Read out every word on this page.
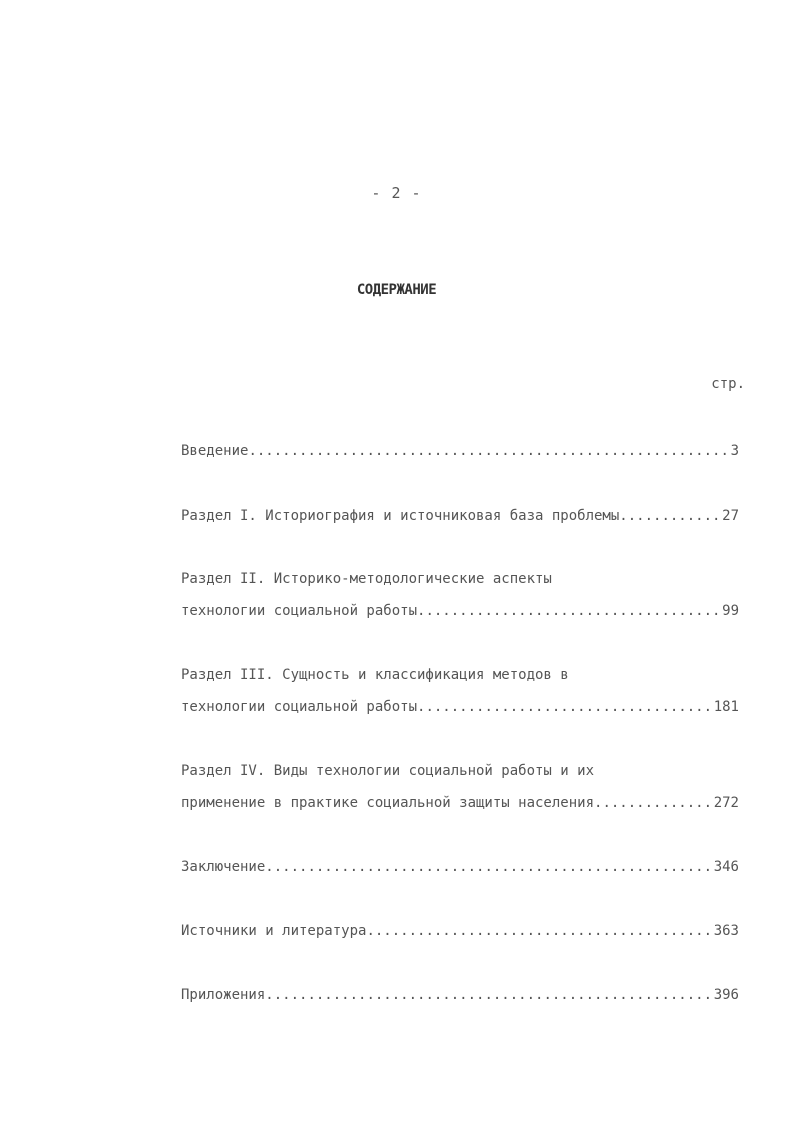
- 2 -
СОДЕРЖАНИЕ
стр.
Введение .....	3
Раздел I. Историография и источниковая база проблемы .....	27
Раздел II. Историко-методологические аспекты
технологии социальной работы .....	99
Раздел III. Сущность и классификация методов в
технологии социальной работы .....	181
Раздел IV. Виды технологии социальной работы и их
применение в практике социальной защиты населения .....	272
Заключение .....	346
Источники и литература .....	363
Приложения .....	396
